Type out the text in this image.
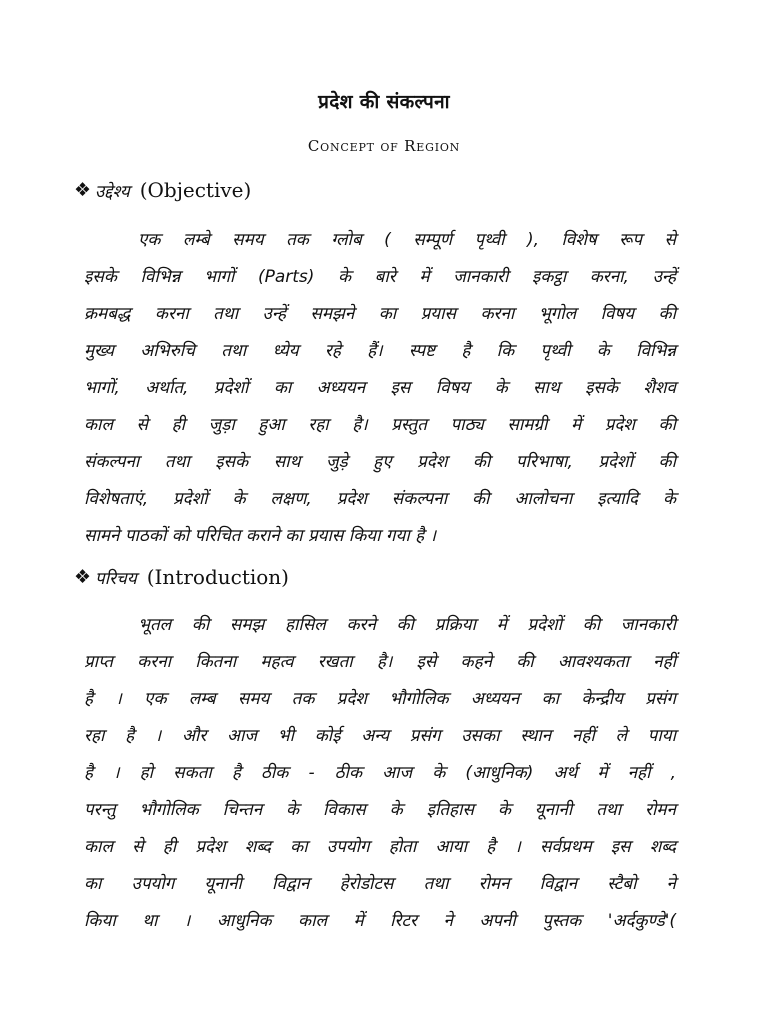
प्रदेश की संकल्पना
Concept of Region
❖ उद्देश्य (Objective)
एक लम्बे समय तक ग्लोब ( सम्पूर्ण पृथ्वी ), विशेष रूप से
इसके विभिन्न भागों (Parts) के बारे में जानकारी इकट्ठा करना, उन्हें
क्रमबद्ध करना तथा उन्हें समझने का प्रयास करना भूगोल विषय की
मुख्य अभिरुचि तथा ध्येय रहे हैं। स्पष्ट है कि पृथ्वी के विभिन्न
भागों, अर्थात, प्रदेशों का अध्ययन इस विषय के साथ इसके शैशव
काल से ही जुड़ा हुआ रहा है। प्रस्तुत पाठ्य सामग्री में प्रदेश की
संकल्पना तथा इसके साथ जुड़े हुए प्रदेश की परिभाषा, प्रदेशों की
विशेषताएं, प्रदेशों के लक्षण, प्रदेश संकल्पना की आलोचना इत्यादि के
सामने पाठकों को परिचित कराने का प्रयास किया गया है ।
❖ परिचय (Introduction)
भूतल की समझ हासिल करने की प्रक्रिया में प्रदेशों की जानकारी
प्राप्त करना कितना महत्व रखता है। इसे कहने की आवश्यकता नहीं
है । एक लम्ब समय तक प्रदेश भौगोलिक अध्ययन का केन्द्रीय प्रसंग
रहा है । और आज भी कोई अन्य प्रसंग उसका स्थान नहीं ले पाया
है । हो सकता है ठीक - ठीक आज के (आधुनिक) अर्थ में नहीं ,
परन्तु भौगोलिक चिन्तन के विकास के इतिहास के यूनानी तथा रोमन
काल से ही प्रदेश शब्द का उपयोग होता आया है । सर्वप्रथम इस शब्द
का उपयोग यूनानी विद्वान हेरोडोटस तथा रोमन विद्वान स्टैबो ने
किया था । आधुनिक काल में रिटर ने अपनी पुस्तक 'अर्दकुण्डे'(
